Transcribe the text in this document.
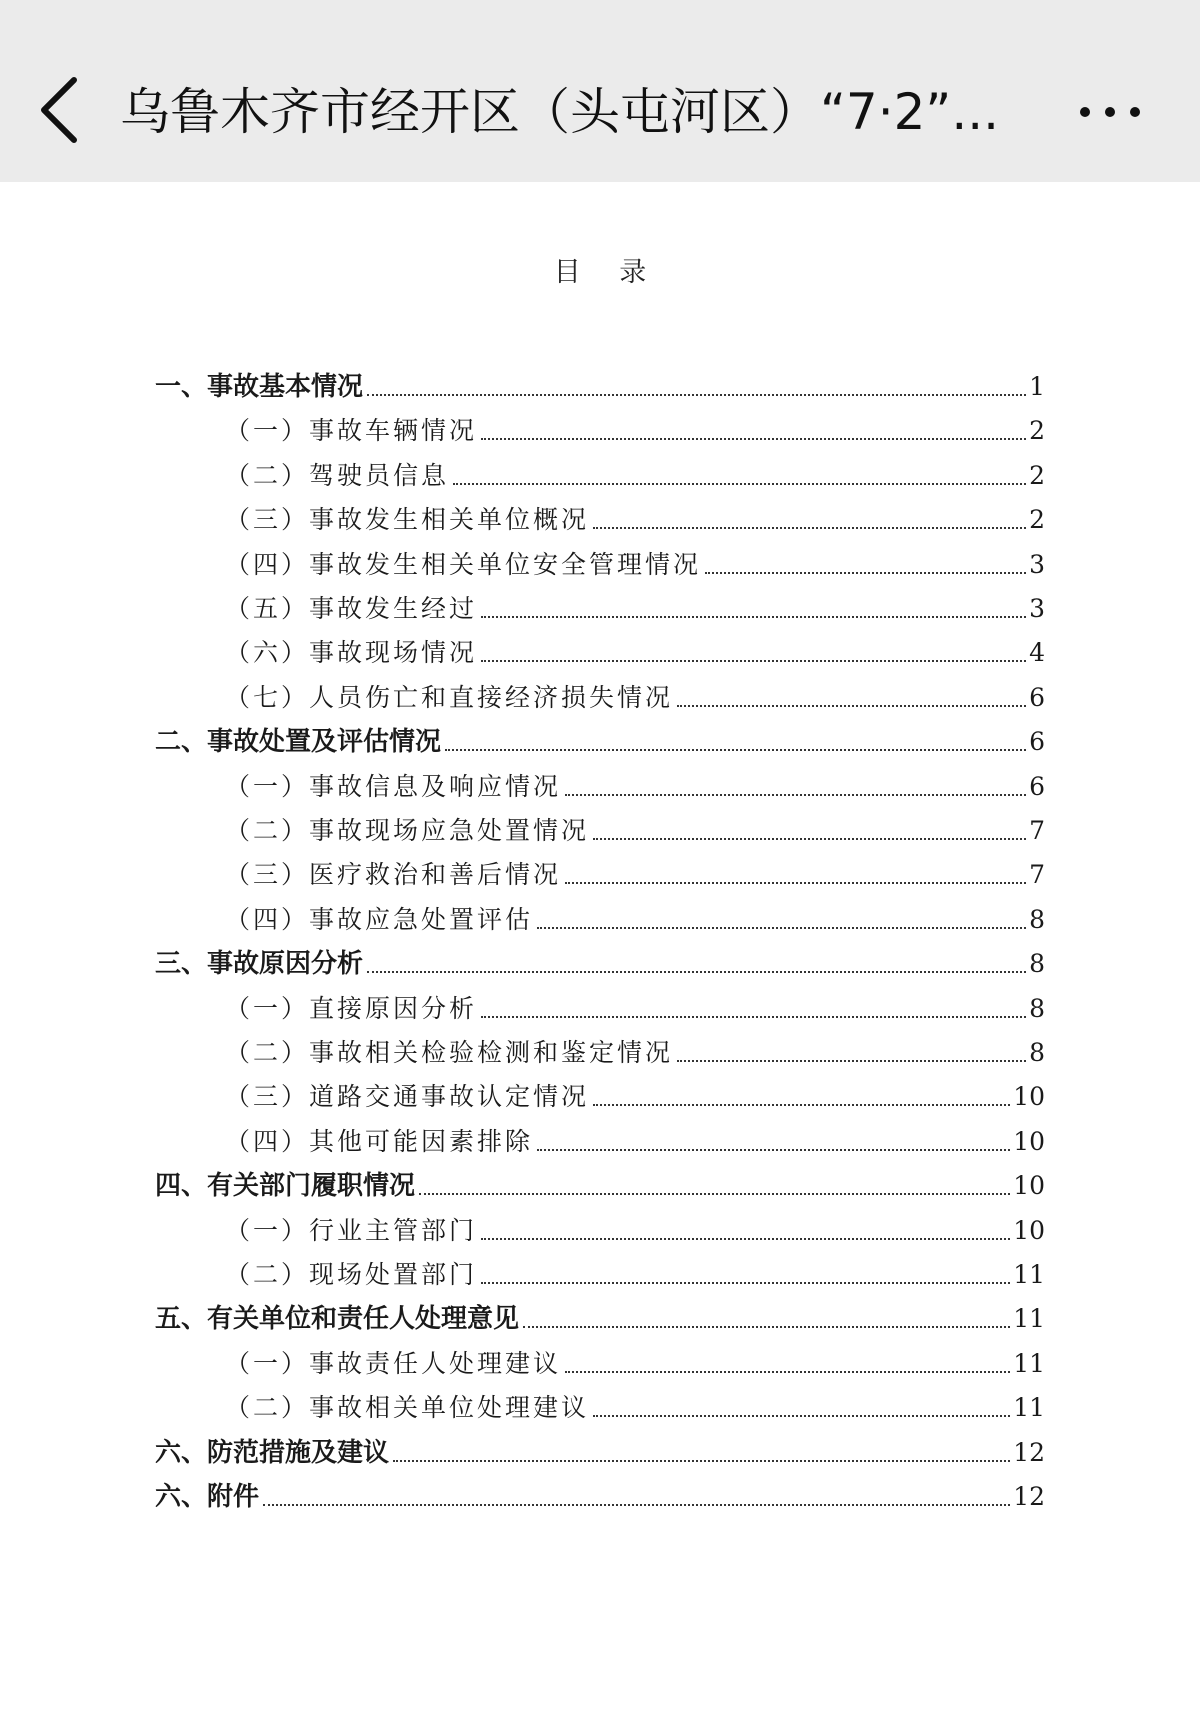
乌鲁木齐市经开区（头屯河区）“7·2”...
目 录
一、事故基本情况	1
（一）事故车辆情况	2
（二）驾驶员信息	2
（三）事故发生相关单位概况	2
（四）事故发生相关单位安全管理情况	3
（五）事故发生经过	3
（六）事故现场情况	4
（七）人员伤亡和直接经济损失情况	6
二、事故处置及评估情况	6
（一）事故信息及响应情况	6
（二）事故现场应急处置情况	7
（三）医疗救治和善后情况	7
（四）事故应急处置评估	8
三、事故原因分析	8
（一）直接原因分析	8
（二）事故相关检验检测和鉴定情况	8
（三）道路交通事故认定情况	10
（四）其他可能因素排除	10
四、有关部门履职情况	10
（一）行业主管部门	10
（二）现场处置部门	11
五、有关单位和责任人处理意见	11
（一）事故责任人处理建议	11
（二）事故相关单位处理建议	11
六、防范措施及建议	12
六、附件	12
